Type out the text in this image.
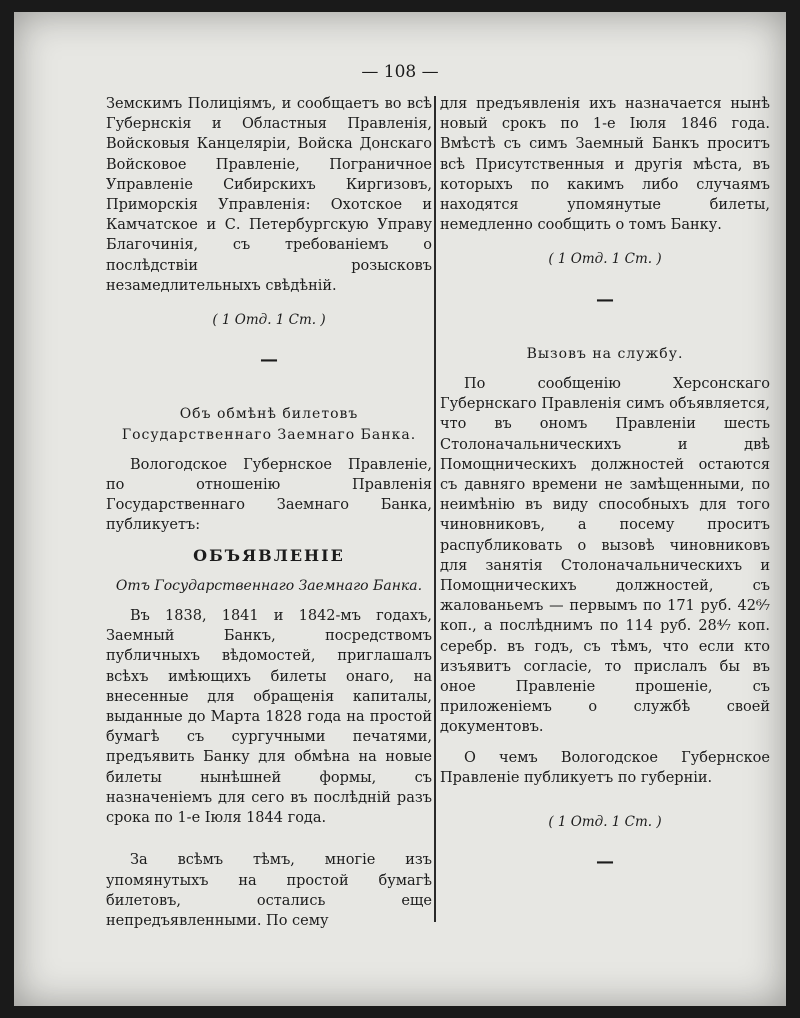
— 108 —

Земскимъ Полиціямъ, и сообщаетъ во всѣ Губернскія и Областныя Правленія, Войсковыя Канцеляріи, Войска Донскаго Войсковое Правленіе, Пограничное Управленіе Сибирскихъ Киргизовъ, Приморскія Управленія: Охотское и Камчатское и С. Петербургскую Управу Благочинія, съ требованіемъ о послѣдствіи розысковъ незамедлительныхъ свѣдѣній.

( 1 Отд. 1 Ст. )

—

Объ обмѣнѣ билетовъ Государственнаго Заемнаго Банка.

Вологодское Губернское Правленіе, по отношенію Правленія Государственнаго Заемнаго Банка, публикуетъ:

ОБЪЯВЛЕНІЕ

Отъ Государственнаго Заемнаго Банка.

Въ 1838, 1841 и 1842-мъ годахъ, Заемный Банкъ, посредствомъ публичныхъ вѣдомостей, приглашалъ всѣхъ имѣющихъ билеты онаго, на внесенные для обращенія капиталы, выданные до Марта 1828 года на простой бумагѣ съ сургучными печатями, предъявить Банку для обмѣна на новые билеты нынѣшней формы, съ назначеніемъ для сего въ послѣдній разъ срока по 1-е Іюля 1844 года.

За всѣмъ тѣмъ, многіе изъ упомянутыхъ на простой бумагѣ билетовъ, остались еще непредъявленными. По сему

для предъявленія ихъ назначается нынѣ новый срокъ по 1-е Іюля 1846 года. Вмѣстѣ съ симъ Заемный Банкъ проситъ всѣ Присутственныя и другія мѣста, въ которыхъ по какимъ либо случаямъ находятся упомянутые билеты, немедленно сообщить о томъ Банку.

( 1 Отд. 1 Ст. )

—

Вызовъ на службу.

По сообщенію Херсонскаго Губернскаго Правленія симъ объявляется, что въ ономъ Правленіи шесть Столоначальническихъ и двѣ Помощническихъ должностей остаются съ давняго времени не замѣщенными, по неимѣнію въ виду способныхъ для того чиновниковъ, а посему проситъ распубликовать о вызовѣ чиновниковъ для занятія Столоначальническихъ и Помощническихъ должностей, съ жалованьемъ — первымъ по 171 руб. 42⁶⁄₇ коп., а послѣднимъ по 114 руб. 28⁴⁄₇ коп. серебр. въ годъ, съ тѣмъ, что если кто изъявитъ согласіе, то прислалъ бы въ оное Правленіе прошеніе, съ приложеніемъ о службѣ своей документовъ.

О чемъ Вологодское Губернское Правленіе публикуетъ по губерніи.

( 1 Отд. 1 Ст. )

—
